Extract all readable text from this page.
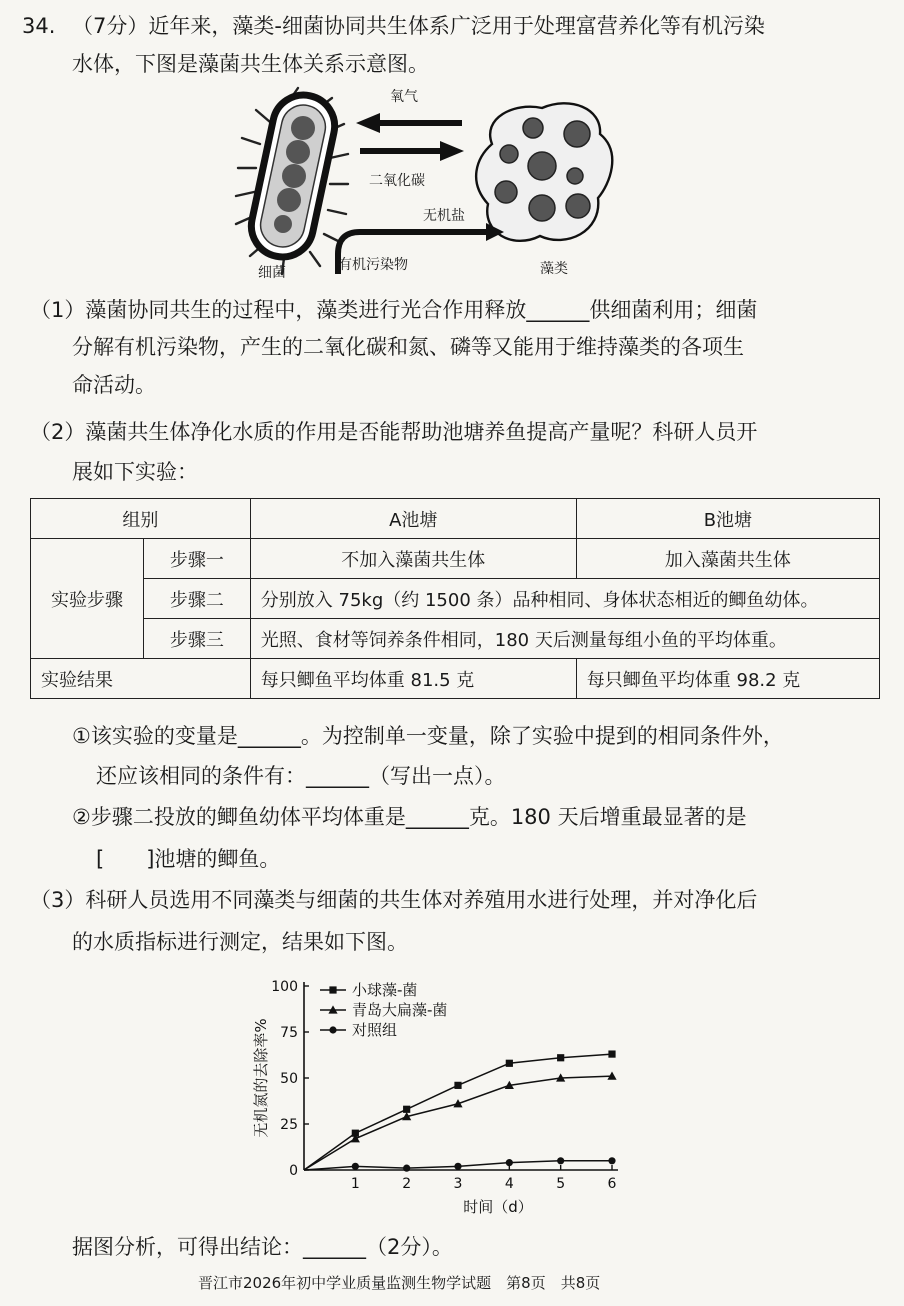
34. （7分）近年来，藻类-细菌协同共生体系广泛用于处理富营养化等有机污染
水体，下图是藻菌共生体关系示意图。
氧气
二氧化碳
无机盐
有机污染物
细菌	藻类
（1）藻菌协同共生的过程中，藻类进行光合作用释放______供细菌利用；细菌
分解有机污染物，产生的二氧化碳和氮、磷等又能用于维持藻类的各项生
命活动。
（2）藻菌共生体净化水质的作用是否能帮助池塘养鱼提高产量呢？科研人员开
展如下实验：
组别		A池塘	B池塘
实验步骤	步骤一	不加入藻菌共生体	加入藻菌共生体
	步骤二	分别放入 75kg（约 1500 条）品种相同、身体状态相近的鲫鱼幼体。	
	步骤三	光照、食材等饲养条件相同，180 天后测量每组小鱼的平均体重。	
实验结果		每只鲫鱼平均体重 81.5 克	每只鲫鱼平均体重 98.2 克
①该实验的变量是______。为控制单一变量，除了实验中提到的相同条件外，
还应该相同的条件有：______（写出一点）。
②步骤二投放的鲫鱼幼体平均体重是______克。180 天后增重最显著的是
[　　]池塘的鲫鱼。
（3）科研人员选用不同藻类与细菌的共生体对养殖用水进行处理，并对净化后
的水质指标进行测定，结果如下图。
0
25
50
75
100
1	2	3	4	5	6
时间（d）
无机氮的去除率%
小球藻-菌
青岛大扁藻-菌
对照组
据图分析，可得出结论：______（2分）。
晋江市2026年初中学业质量监测生物学试题　第8页　共8页
